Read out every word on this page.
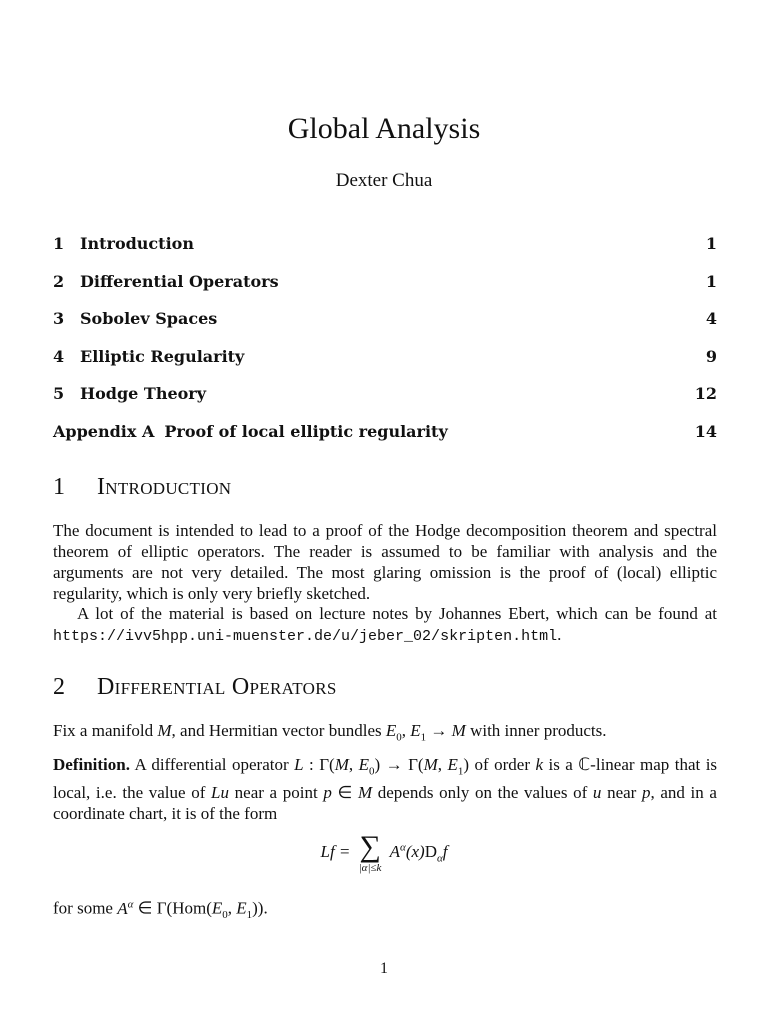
Global Analysis
Dexter Chua
1 Introduction	1
2 Differential Operators	1
3 Sobolev Spaces	4
4 Elliptic Regularity	9
5 Hodge Theory	12
Appendix A Proof of local elliptic regularity	14
1 Introduction
The document is intended to lead to a proof of the Hodge decomposition theorem and spectral theorem of elliptic operators. The reader is assumed to be familiar with analysis and the arguments are not very detailed. The most glaring omission is the proof of (local) elliptic regularity, which is only very briefly sketched.
A lot of the material is based on lecture notes by Johannes Ebert, which can be found at https://ivv5hpp.uni-muenster.de/u/jeber_02/skripten.html.
2 Differential Operators
Fix a manifold M, and Hermitian vector bundles $E_0$, $E_1 \to M$ with inner products.
Definition. A differential operator L : Γ(M, $E_0) \to \Gamma(M$, $E_1$) of order k is a ℂ-linear map that is local, i.e. the value of Lu near a point p ∈ M depends only on the values of u near p, and in a coordinate chart, it is of the form
Lf = ∑
|α|≤k
$A^\alpha(x)D_\alpha f$
for some $A^\alpha$ ∈ $\Gamma(Hom(E_0$, $E_1$)).
1
